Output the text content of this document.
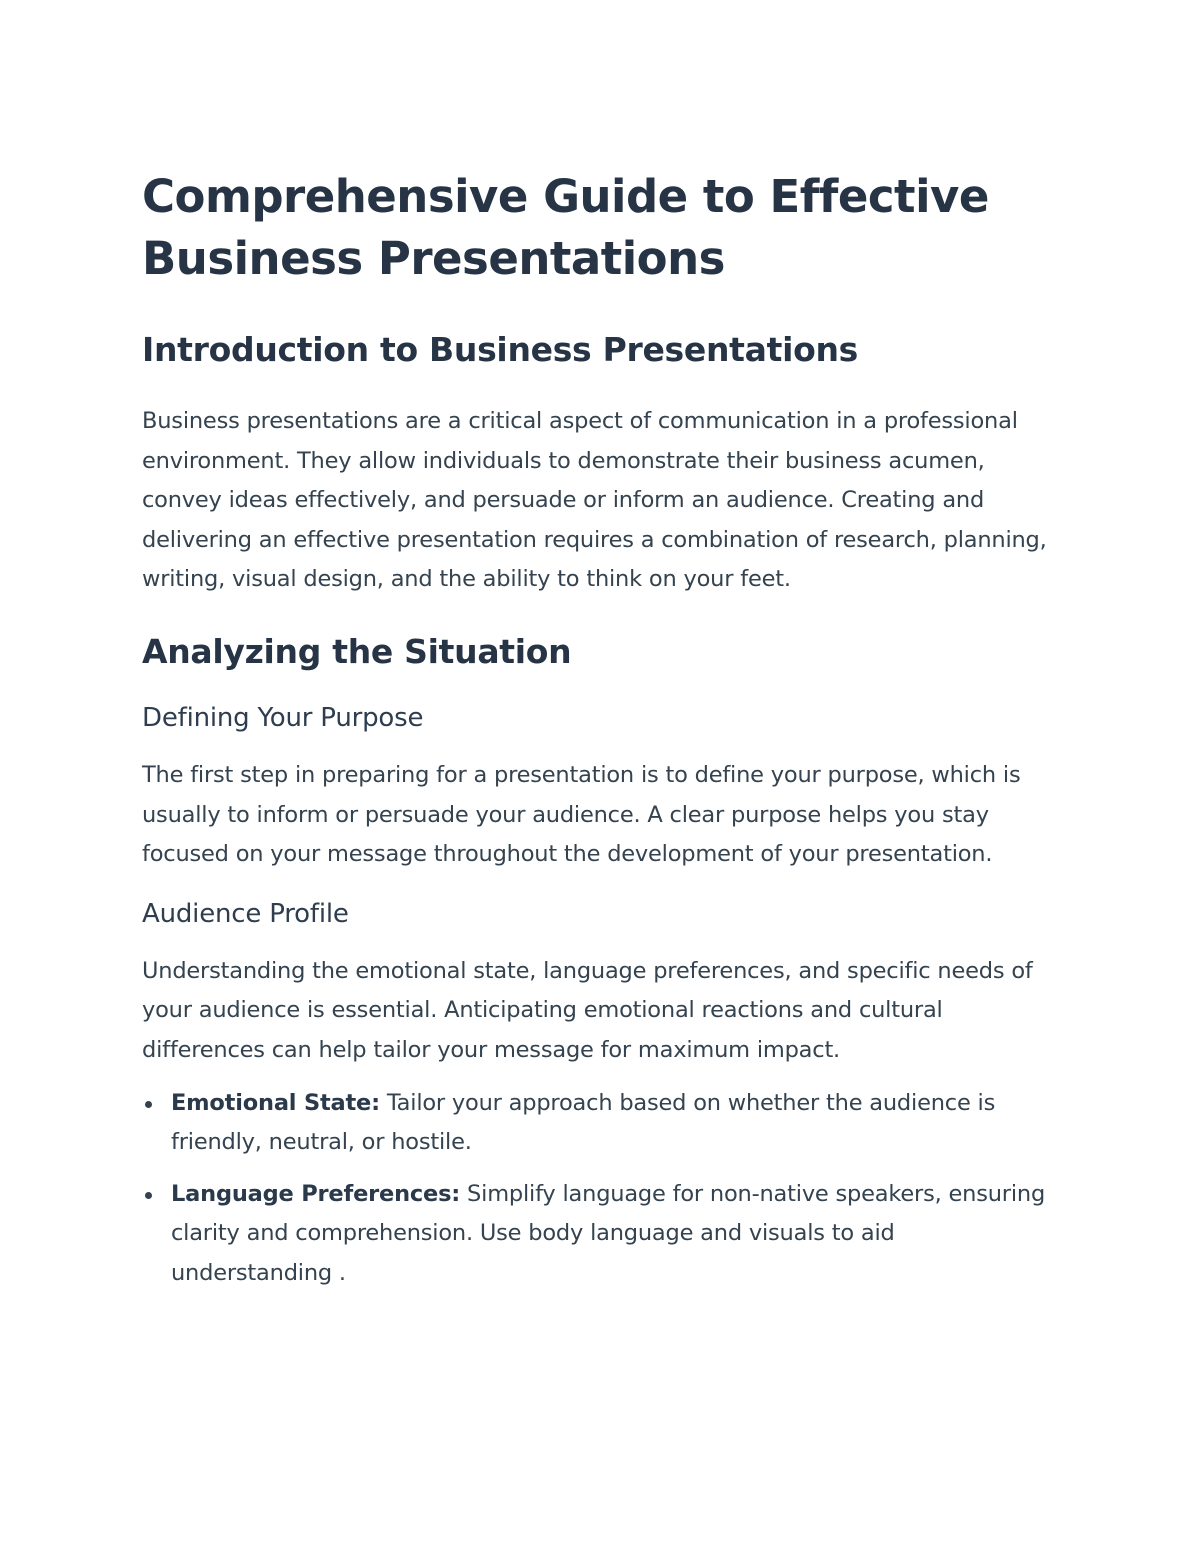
Comprehensive Guide to Effective
Business Presentations
Introduction to Business Presentations

Business presentations are a critical aspect of communication in a professional environment. They allow individuals to demonstrate their business acumen, convey ideas effectively, and persuade or inform an audience. Creating and delivering an effective presentation requires a combination of research, planning, writing, visual design, and the ability to think on your feet.

Analyzing the Situation
Defining Your Purpose

The first step in preparing for a presentation is to define your purpose, which is usually to inform or persuade your audience. A clear purpose helps you stay focused on your message throughout the development of your presentation.

Audience Profile

Understanding the emotional state, language preferences, and specific needs of your audience is essential. Anticipating emotional reactions and cultural differences can help tailor your message for maximum impact.

Emotional State: Tailor your approach based on whether the audience is friendly, neutral, or hostile.
Language Preferences: Simplify language for non-native speakers, ensuring clarity and comprehension. Use body language and visuals to aid understanding .
